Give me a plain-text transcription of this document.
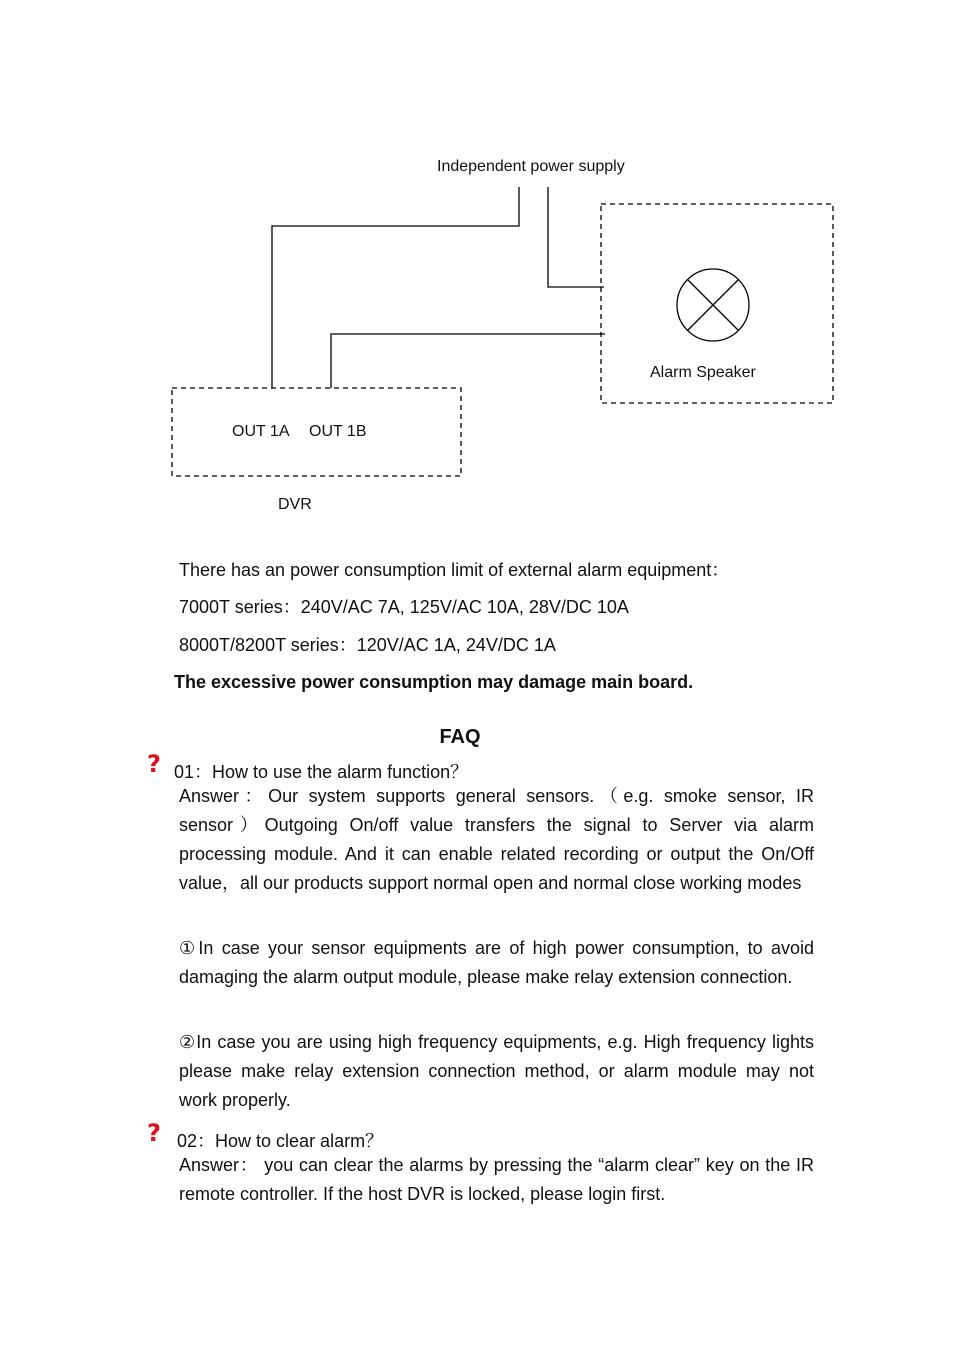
Independent power supply
Alarm Speaker
OUT 1A OUT 1B
DVR
There has an power consumption limit of external alarm equipment：
7000T series：240V/AC 7A, 125V/AC 10A, 28V/DC 10A
8000T/8200T series：120V/AC 1A, 24V/DC 1A
The excessive power consumption may damage main board.
FAQ
? 01：How to use the alarm function？
Answer：Our system supports general sensors.（e.g. smoke sensor, IR sensor）Outgoing On/off value transfers the signal to Server via alarm processing module. And it can enable related recording or output the On/Off value，all our products support normal open and normal close working modes
①In case your sensor equipments are of high power consumption, to avoid damaging the alarm output module, please make relay extension connection.
②In case you are using high frequency equipments, e.g. High frequency lights please make relay extension connection method, or alarm module may not work properly.
? 02：How to clear alarm？
Answer： you can clear the alarms by pressing the “alarm clear” key on the IR remote controller. If the host DVR is locked, please login first.
